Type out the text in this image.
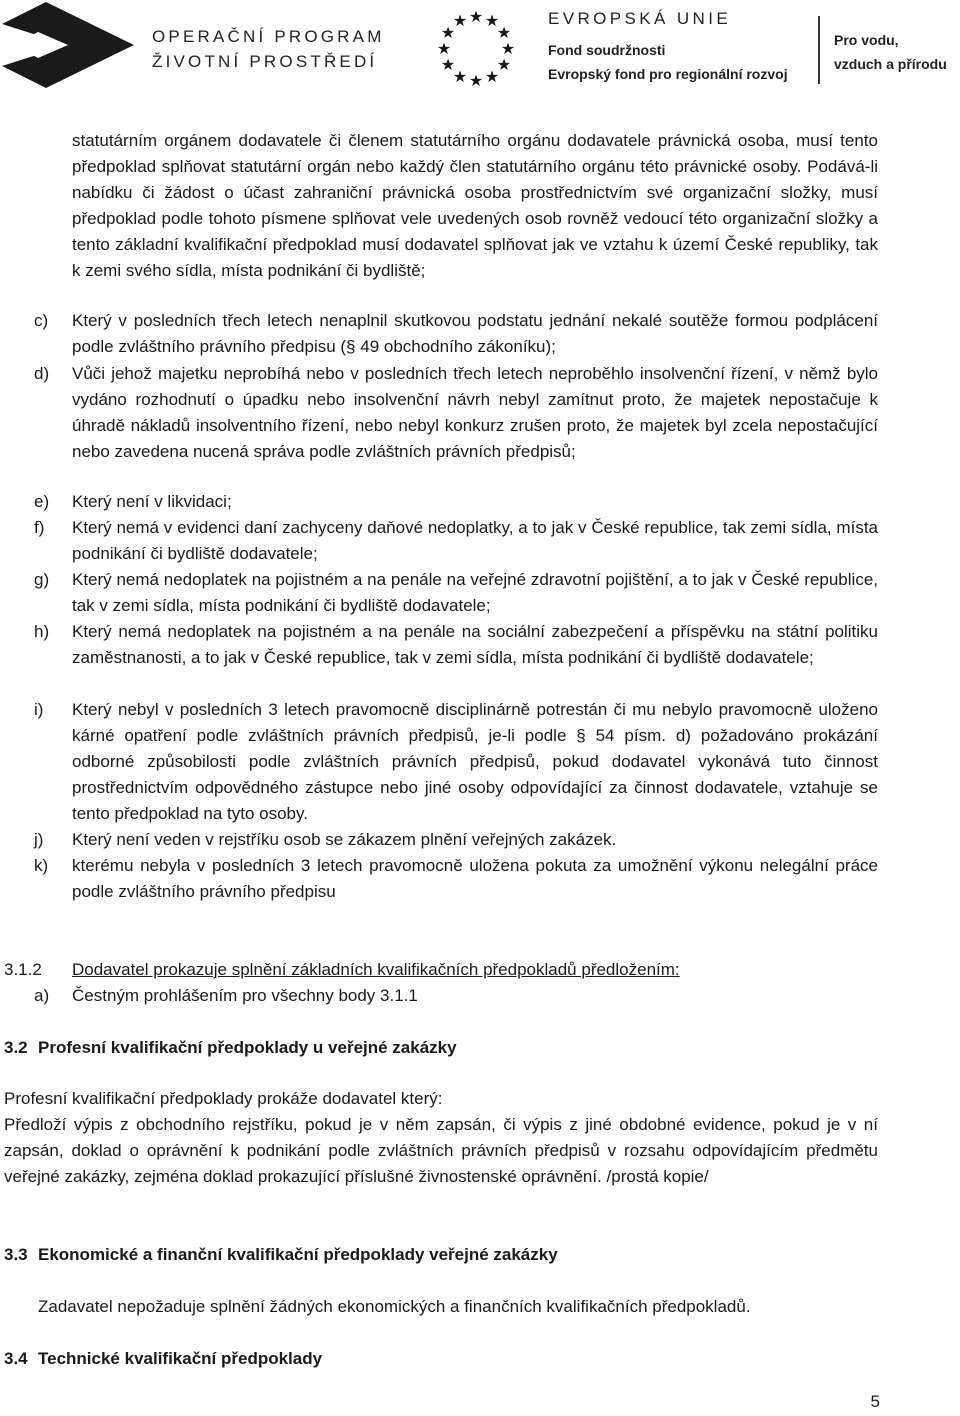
OPERAČNÍ PROGRAM
ŽIVOTNÍ PROSTŘEDÍ
★ ★
★
★
★
★
★
★
★
★
★
★	EVROPSKÁ UNIE
Fond soudržnosti
Evropský fond pro regionální rozvoj
Pro vodu,
vzduch a přírodu
statutárním orgánem dodavatele či členem statutárního orgánu dodavatele právnická osoba, musí tento předpoklad splňovat statutární orgán nebo každý člen statutárního orgánu této právnické osoby. Podává-li nabídku či žádost o účast zahraniční právnická osoba prostřednictvím své organizační složky, musí předpoklad podle tohoto písmene splňovat vele uvedených osob rovněž vedoucí této organizační složky a tento základní kvalifikační předpoklad musí dodavatel splňovat jak ve vztahu k území České republiky, tak k zemi svého sídla, místa podnikání či bydliště;
c)	Který v posledních třech letech nenaplnil skutkovou podstatu jednání nekalé soutěže formou podplácení podle zvláštního právního předpisu (§ 49 obchodního zákoníku);
d)	Vůči jehož majetku neprobíhá nebo v posledních třech letech neproběhlo insolvenční řízení, v němž bylo vydáno rozhodnutí o úpadku nebo insolvenční návrh nebyl zamítnut proto, že majetek nepostačuje k úhradě nákladů insolventního řízení, nebo nebyl konkurz zrušen proto, že majetek byl zcela nepostačující nebo zavedena nucená správa podle zvláštních právních předpisů;
e)	Který není v likvidaci;
f)	Který nemá v evidenci daní zachyceny daňové nedoplatky, a to jak v České republice, tak zemi sídla, místa podnikání či bydliště dodavatele;
g)	Který nemá nedoplatek na pojistném a na penále na veřejné zdravotní pojištění, a to jak v České republice, tak v zemi sídla, místa podnikání či bydliště dodavatele;
h)	Který nemá nedoplatek na pojistném a na penále na sociální zabezpečení a příspěvku na státní politiku zaměstnanosti, a to jak v České republice, tak v zemi sídla, místa podnikání či bydliště dodavatele;
i)	Který nebyl v posledních 3 letech pravomocně disciplinárně potrestán či mu nebylo pravomocně uloženo kárné opatření podle zvláštních právních předpisů, je-li podle § 54 písm. d) požadováno prokázání odborné způsobilosti podle zvláštních právních předpisů, pokud dodavatel vykonává tuto činnost prostřednictvím odpovědného zástupce nebo jiné osoby odpovídající za činnost dodavatele, vztahuje se tento předpoklad na tyto osoby.
j)	Který není veden v rejstříku osob se zákazem plnění veřejných zakázek.
k)	kterému nebyla v posledních 3 letech pravomocně uložena pokuta za umožnění výkonu nelegální práce podle zvláštního právního předpisu
3.1.2 Dodavatel prokazuje splnění základních kvalifikačních předpokladů předložením:
a)	Čestným prohlášením pro všechny body 3.1.1
3.2 Profesní kvalifikační předpoklady u veřejné zakázky
Profesní kvalifikační předpoklady prokáže dodavatel který:
Předloží výpis z obchodního rejstříku, pokud je v něm zapsán, či výpis z jiné obdobné evidence, pokud je v ní zapsán, doklad o oprávnění k podnikání podle zvláštních právních předpisů v rozsahu odpovídajícím předmětu veřejné zakázky, zejména doklad prokazující příslušné živnostenské oprávnění. /prostá kopie/
3.3 Ekonomické a finanční kvalifikační předpoklady veřejné zakázky
Zadavatel nepožaduje splnění žádných ekonomických a finančních kvalifikačních předpokladů.
3.4 Technické kvalifikační předpoklady
5
